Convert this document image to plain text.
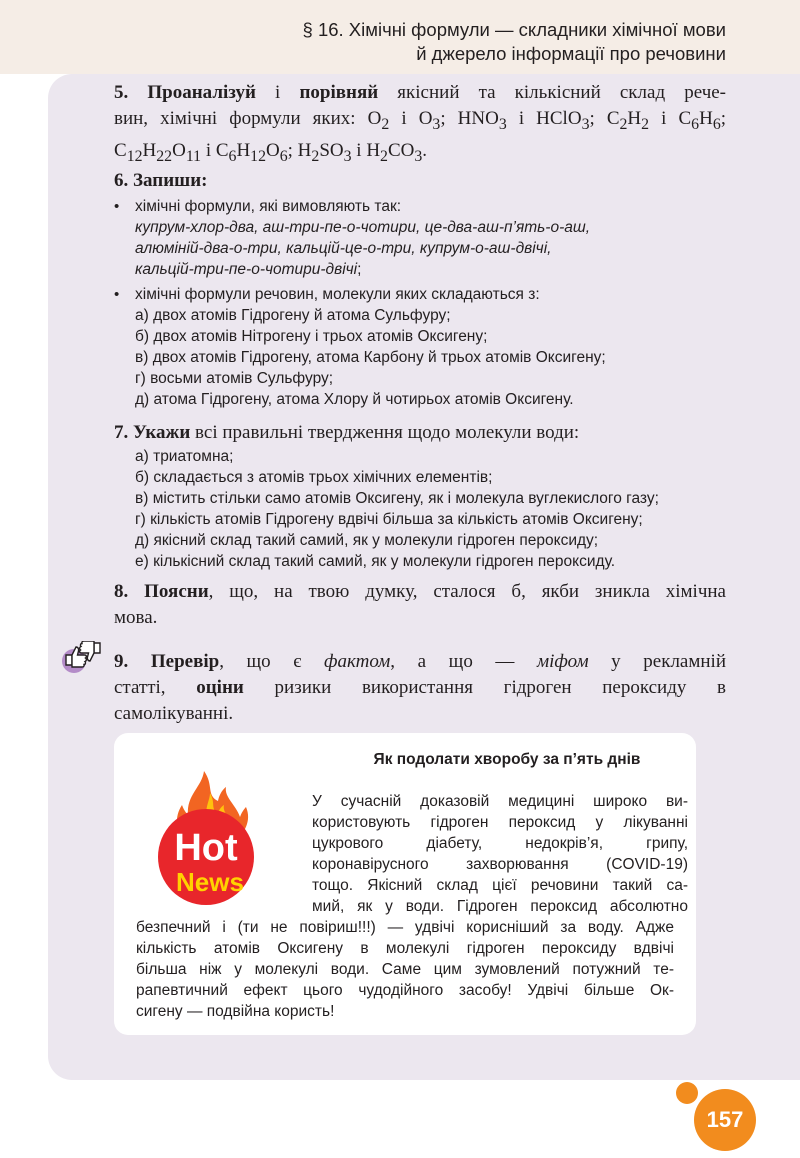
§ 16. Хімічні формули — складники хімічної мови
й джерело інформації про речовини
5. Проаналізуй і порівняй якісний та кількісний склад рече-
вин, хімічні формули яких: $O_2$ і $O_3$; $HNO_3$ і HClO$_3$; $C_2H_2$ і $C_6H_6$;
$C_{12}H_{22}O_{11}$ і $C_6H_{12}O_6$; $H_2SO_3$ і $H_2CO_3$.
6. Запиши:
• хімічні формули, які вимовляють так:
купрум-хлор-два, аш-три-пе-о-чотири, це-два-аш-п’ять-о-аш,
алюміній-два-о-три, кальцій-це-о-три, купрум-о-аш-двічі,
кальцій-три-пе-о-чотири-двічі;
• хімічні формули речовин, молекули яких складаються з:
а) двох атомів Гідрогену й атома Сульфуру;
б) двох атомів Нітрогену і трьох атомів Оксигену;
в) двох атомів Гідрогену, атома Карбону й трьох атомів Оксигену;
г) восьми атомів Сульфуру;
д) атома Гідрогену, атома Хлору й чотирьох атомів Оксигену.
7. Укажи всі правильні твердження щодо молекули води:
а) триатомна;
б) складається з атомів трьох хімічних елементів;
в) містить стільки само атомів Оксигену, як і молекула вуглекислого газу;
г) кількість атомів Гідрогену вдвічі більша за кількість атомів Оксигену;
д) якісний склад такий самий, як у молекули гідроген пероксиду;
е) кількісний склад такий самий, як у молекули гідроген пероксиду.
8. Поясни, що, на твою думку, сталося б, якби зникла хімічна
мова.
9. Перевір, що є фактом, а що — міфом у рекламній
статті, оціни ризики використання гідроген пероксиду в
самолікуванні.
Як подолати хворобу за п’ять днів
Hot
News
У сучасній доказовій медицині широко ви-
користовують гідроген пероксид у лікуванні
цукрового діабету, недокрів’я, грипу,
коронавірусного захворювання (COVID-19)
тощо. Якісний склад цієї речовини такий са-
мий, як у води. Гідроген пероксид абсолютно
безпечний і (ти не повіриш!!!) — удвічі корисніший за воду. Адже
кількість атомів Оксигену в молекулі гідроген пероксиду вдвічі
більша ніж у молекулі води. Саме цим зумовлений потужний те-
рапевтичний ефект цього чудодійного засобу! Удвічі більше Ок-
сигену — подвійна користь!
157
